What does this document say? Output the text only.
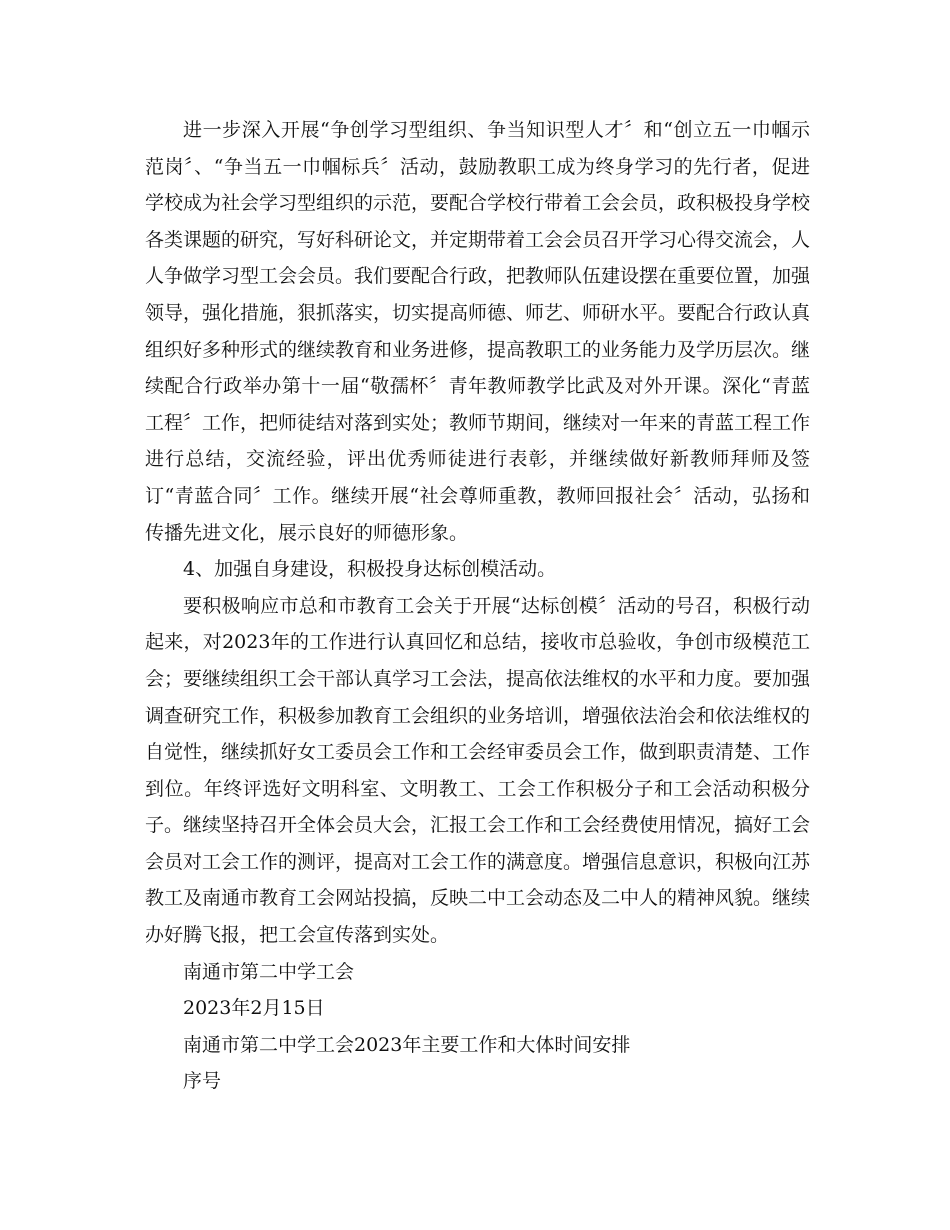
进一步深入开展“争创学习型组织、争当知识型人才〞和“创立五一巾帼示范岗〞、“争当五一巾帼标兵〞活动，鼓励教职工成为终身学习的先行者，促进学校成为社会学习型组织的示范，要配合学校行带着工会会员，政积极投身学校各类课题的研究，写好科研论文，并定期带着工会会员召开学习心得交流会，人人争做学习型工会会员。我们要配合行政，把教师队伍建设摆在重要位置，加强领导，强化措施，狠抓落实，切实提高师德、师艺、师研水平。要配合行政认真组织好多种形式的继续教育和业务进修，提高教职工的业务能力及学历层次。继续配合行政举办第十一届“敬孺杯〞青年教师教学比武及对外开课。深化“青蓝工程〞工作，把师徒结对落到实处；教师节期间，继续对一年来的青蓝工程工作进行总结，交流经验，评出优秀师徒进行表彰，并继续做好新教师拜师及签订“青蓝合同〞工作。继续开展“社会尊师重教，教师回报社会〞活动，弘扬和传播先进文化，展示良好的师德形象。

4、加强自身建设，积极投身达标创模活动。

要积极响应市总和市教育工会关于开展“达标创模〞活动的号召，积极行动起来，对2023年的工作进行认真回忆和总结，接收市总验收，争创市级模范工会；要继续组织工会干部认真学习工会法，提高依法维权的水平和力度。要加强调查研究工作，积极参加教育工会组织的业务培训，增强依法治会和依法维权的自觉性，继续抓好女工委员会工作和工会经审委员会工作，做到职责清楚、工作到位。年终评选好文明科室、文明教工、工会工作积极分子和工会活动积极分子。继续坚持召开全体会员大会，汇报工会工作和工会经费使用情况，搞好工会会员对工会工作的测评，提高对工会工作的满意度。增强信息意识，积极向江苏教工及南通市教育工会网站投搞，反映二中工会动态及二中人的精神风貌。继续办好腾飞报，把工会宣传落到实处。

南通市第二中学工会

2023年2月15日

南通市第二中学工会2023年主要工作和大体时间安排

序号
